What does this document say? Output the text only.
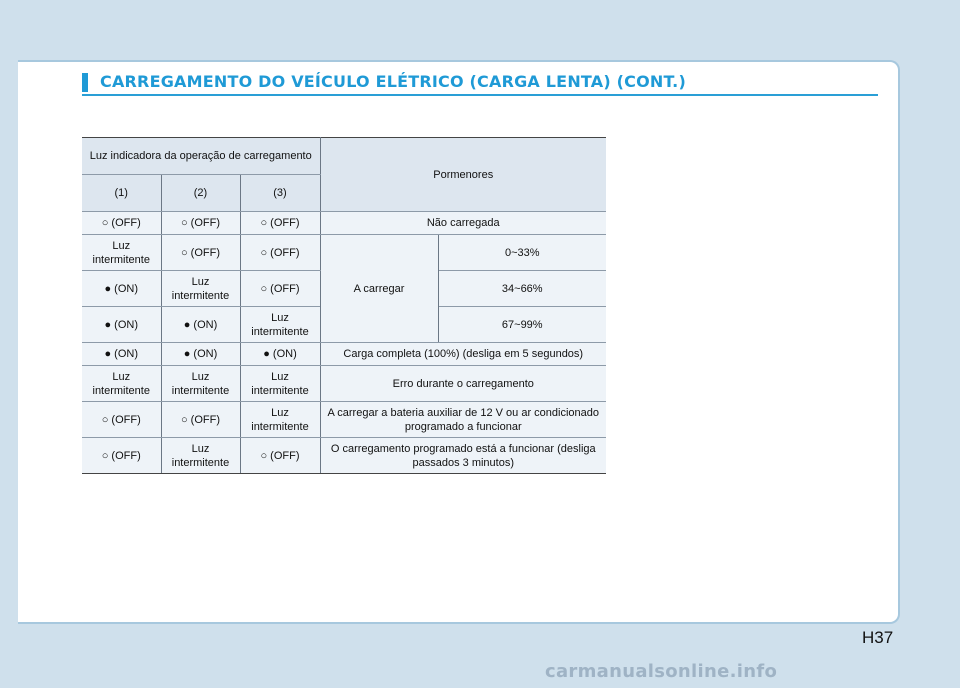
CARREGAMENTO DO VEÍCULO ELÉTRICO (CARGA LENTA) (CONT.)
Luz indicadora da operação de carregamento			Pormenores	
(1)	(2)	(3)		
○ (OFF)	○ (OFF)	○ (OFF)	Não carregada	
Luz intermitente	○ (OFF)	○ (OFF)	A carregar	0~33%
● (ON)	Luz intermitente	○ (OFF)		34~66%
● (ON)	● (ON)	Luz intermitente		67~99%
● (ON)	● (ON)	● (ON)	Carga completa (100%) (desliga em 5 segundos)	
Luz intermitente	Luz intermitente	Luz intermitente	Erro durante o carregamento	
○ (OFF)	○ (OFF)	Luz intermitente	A carregar a bateria auxiliar de 12 V ou ar condicionado programado a funcionar	
○ (OFF)	Luz intermitente	○ (OFF)	O carregamento programado está a funcionar (desliga passados 3 minutos)	
H37
carmanualsonline.info
